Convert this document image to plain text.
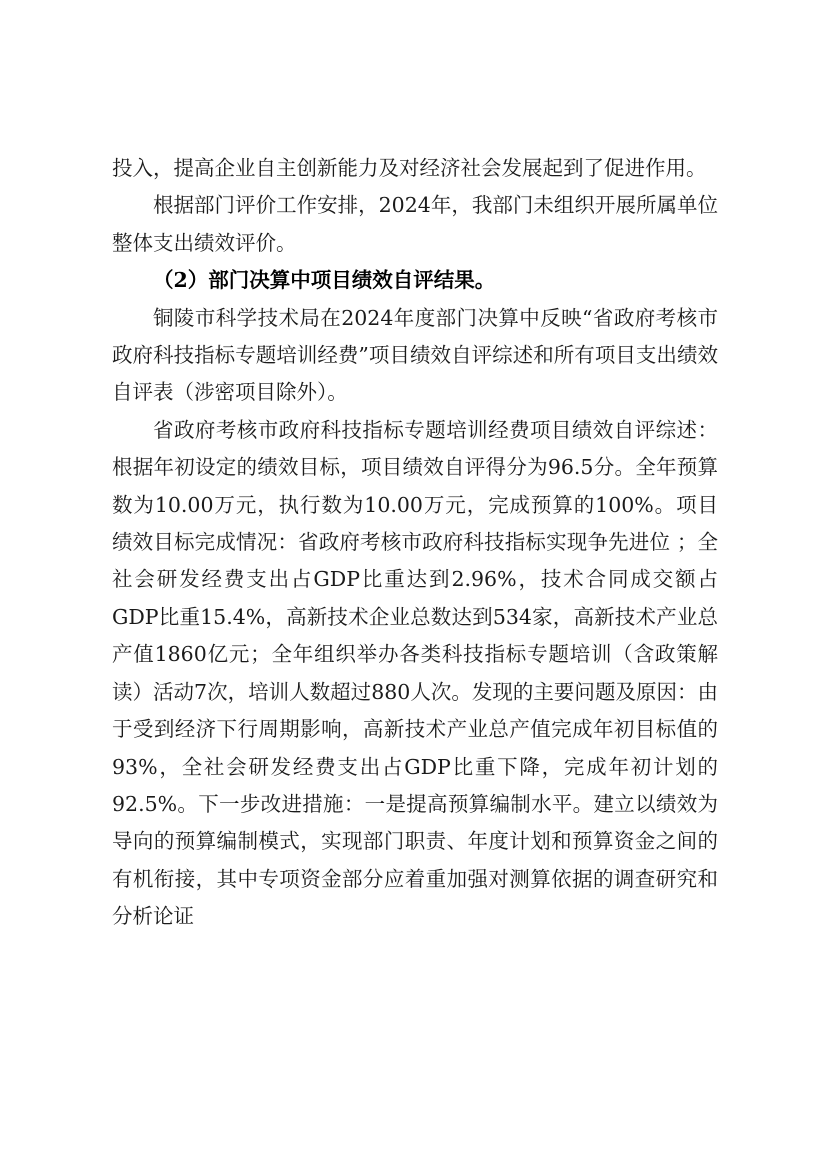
投入，提高企业自主创新能力及对经济社会发展起到了促进作用。

根据部门评价工作安排，2024年，我部门未组织开展所属单位整体支出绩效评价。

（2）部门决算中项目绩效自评结果。

铜陵市科学技术局在2024年度部门决算中反映“省政府考核市政府科技指标专题培训经费”项目绩效自评综述和所有项目支出绩效自评表（涉密项目除外）。

省政府考核市政府科技指标专题培训经费项目绩效自评综述：根据年初设定的绩效目标，项目绩效自评得分为96.5分。全年预算数为10.00万元，执行数为10.00万元，完成预算的100%。项目绩效目标完成情况：省政府考核市政府科技指标实现争先进位 ；全社会研发经费支出占GDP比重达到2.96%，技术合同成交额占GDP比重15.4%，高新技术企业总数达到534家，高新技术产业总产值1860亿元；全年组织举办各类科技指标专题培训（含政策解读）活动7次，培训人数超过880人次。发现的主要问题及原因：由于受到经济下行周期影响，高新技术产业总产值完成年初目标值的93%，全社会研发经费支出占GDP比重下降，完成年初计划的92.5%。下一步改进措施：一是提高预算编制水平。建立以绩效为导向的预算编制模式，实现部门职责、年度计划和预算资金之间的有机衔接，其中专项资金部分应着重加强对测算依据的调查研究和分析论证
